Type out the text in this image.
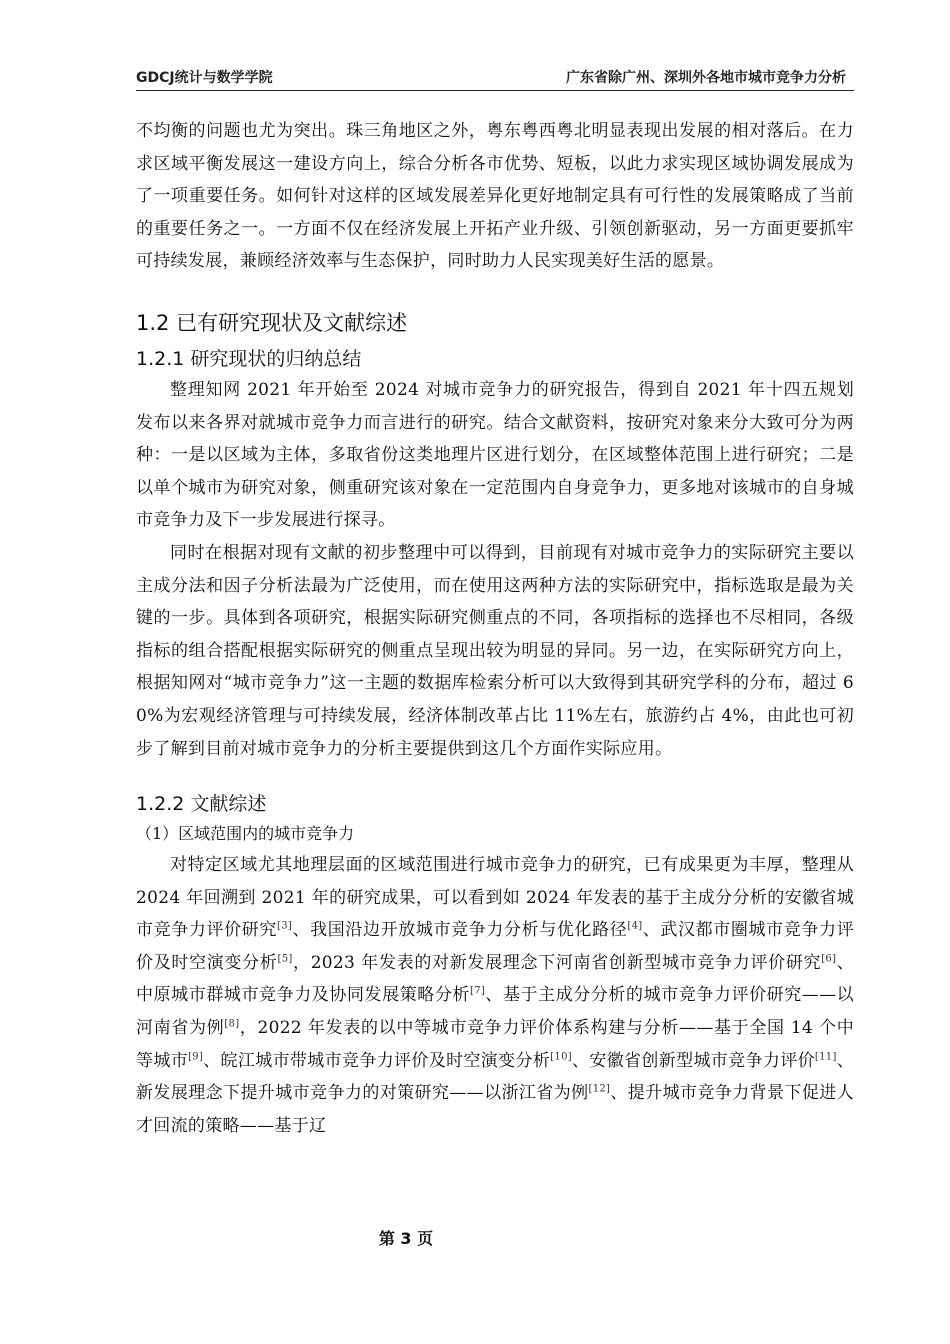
GDCJ统计与数学学院	广东省除广州、深圳外各地市城市竞争力分析

不均衡的问题也尤为突出。珠三角地区之外，粤东粤西粤北明显表现出发展的相对落后。在力求区域平衡发展这一建设方向上，综合分析各市优势、短板，以此力求实现区域协调发展成为了一项重要任务。如何针对这样的区域发展差异化更好地制定具有可行性的发展策略成了当前的重要任务之一。一方面不仅在经济发展上开拓产业升级、引领创新驱动，另一方面更要抓牢可持续发展，兼顾经济效率与生态保护，同时助力人民实现美好生活的愿景。

1.2 已有研究现状及文献综述
1.2.1 研究现状的归纳总结

整理知网 2021 年开始至 2024 对城市竞争力的研究报告，得到自 2021 年十四五规划发布以来各界对就城市竞争力而言进行的研究。结合文献资料，按研究对象来分大致可分为两种：一是以区域为主体，多取省份这类地理片区进行划分，在区域整体范围上进行研究；二是以单个城市为研究对象，侧重研究该对象在一定范围内自身竞争力，更多地对该城市的自身城市竞争力及下一步发展进行探寻。

同时在根据对现有文献的初步整理中可以得到，目前现有对城市竞争力的实际研究主要以主成分法和因子分析法最为广泛使用，而在使用这两种方法的实际研究中，指标选取是最为关键的一步。具体到各项研究，根据实际研究侧重点的不同，各项指标的选择也不尽相同，各级指标的组合搭配根据实际研究的侧重点呈现出较为明显的异同。另一边，在实际研究方向上，根据知网对“城市竞争力”这一主题的数据库检索分析可以大致得到其研究学科的分布，超过 60%为宏观经济管理与可持续发展，经济体制改革占比 11%左右，旅游约占 4%，由此也可初步了解到目前对城市竞争力的分析主要提供到这几个方面作实际应用。

1.2.2 文献综述

（1）区域范围内的城市竞争力

对特定区域尤其地理层面的区域范围进行城市竞争力的研究，已有成果更为丰厚，整理从 2024 年回溯到 2021 年的研究成果，可以看到如 2024 年发表的基于主成分分析的安徽省城市竞争力评价研究[3]、我国沿边开放城市竞争力分析与优化路径[4]、武汉都市圈城市竞争力评价及时空演变分析[5]，2023 年发表的对新发展理念下河南省创新型城市竞争力评价研究[6]、中原城市群城市竞争力及协同发展策略分析[7]、基于主成分分析的城市竞争力评价研究——以河南省为例[8]，2022 年发表的以中等城市竞争力评价体系构建与分析——基于全国 14 个中等城市[9]、皖江城市带城市竞争力评价及时空演变分析[10]、安徽省创新型城市竞争力评价[11]、新发展理念下提升城市竞争力的对策研究——以浙江省为例[12]、提升城市竞争力背景下促进人才回流的策略——基于辽

第 3 页
